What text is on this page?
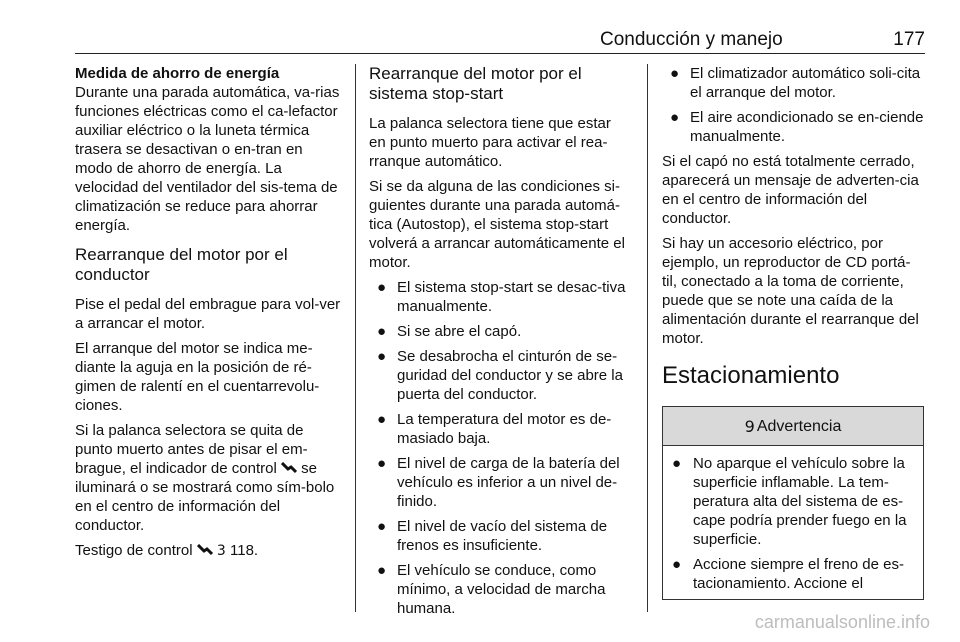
Conducción y manejo	177

Medida de ahorro de energía

Durante una parada automática, va-rias funciones eléctricas como el ca-lefactor auxiliar eléctrico o la luneta térmica trasera se desactivan o en-tran en modo de ahorro de energía. La velocidad del ventilador del sis-tema de climatización se reduce para ahorrar energía.

Rearranque del motor por el conductor

Pise el pedal del embrague para vol-ver a arrancar el motor.

El arranque del motor se indica me-diante la aguja en la posición de ré-gimen de ralentí en el cuentarrevolu-ciones.

Si la palanca selectora se quita de punto muerto antes de pisar el em-brague, el indicador de control  se iluminará o se mostrará como sím-bolo en el centro de información del conductor.

Testigo de control 3 118.

Rearranque del motor por el sistema stop-start

La palanca selectora tiene que estar en punto muerto para activar el rea-rranque automático.

Si se da alguna de las condiciones si-guientes durante una parada automá-tica (Autostop), el sistema stop-start volverá a arrancar automáticamente el motor.

● El sistema stop-start se desac-tiva manualmente.
● Si se abre el capó.
● Se desabrocha el cinturón de se-guridad del conductor y se abre la puerta del conductor.
● La temperatura del motor es de-masiado baja.
● El nivel de carga de la batería del vehículo es inferior a un nivel de-finido.
● El nivel de vacío del sistema de frenos es insuficiente.
● El vehículo se conduce, como mínimo, a velocidad de marcha humana.
● El climatizador automático soli-cita el arranque del motor.
● El aire acondicionado se en-ciende manualmente.

Si el capó no está totalmente cerrado, aparecerá un mensaje de adverten-cia en el centro de información del conductor.

Si hay un accesorio eléctrico, por ejemplo, un reproductor de CD portá-til, conectado a la toma de corriente, puede que se note una caída de la alimentación durante el rearranque del motor.

Estacionamiento
9 Advertencia
● No aparque el vehículo sobre la superficie inflamable. La tem-peratura alta del sistema de es-cape podría prender fuego en la superficie.
● Accione siempre el freno de es-tacionamiento. Accione el
carmanualsonline.info
